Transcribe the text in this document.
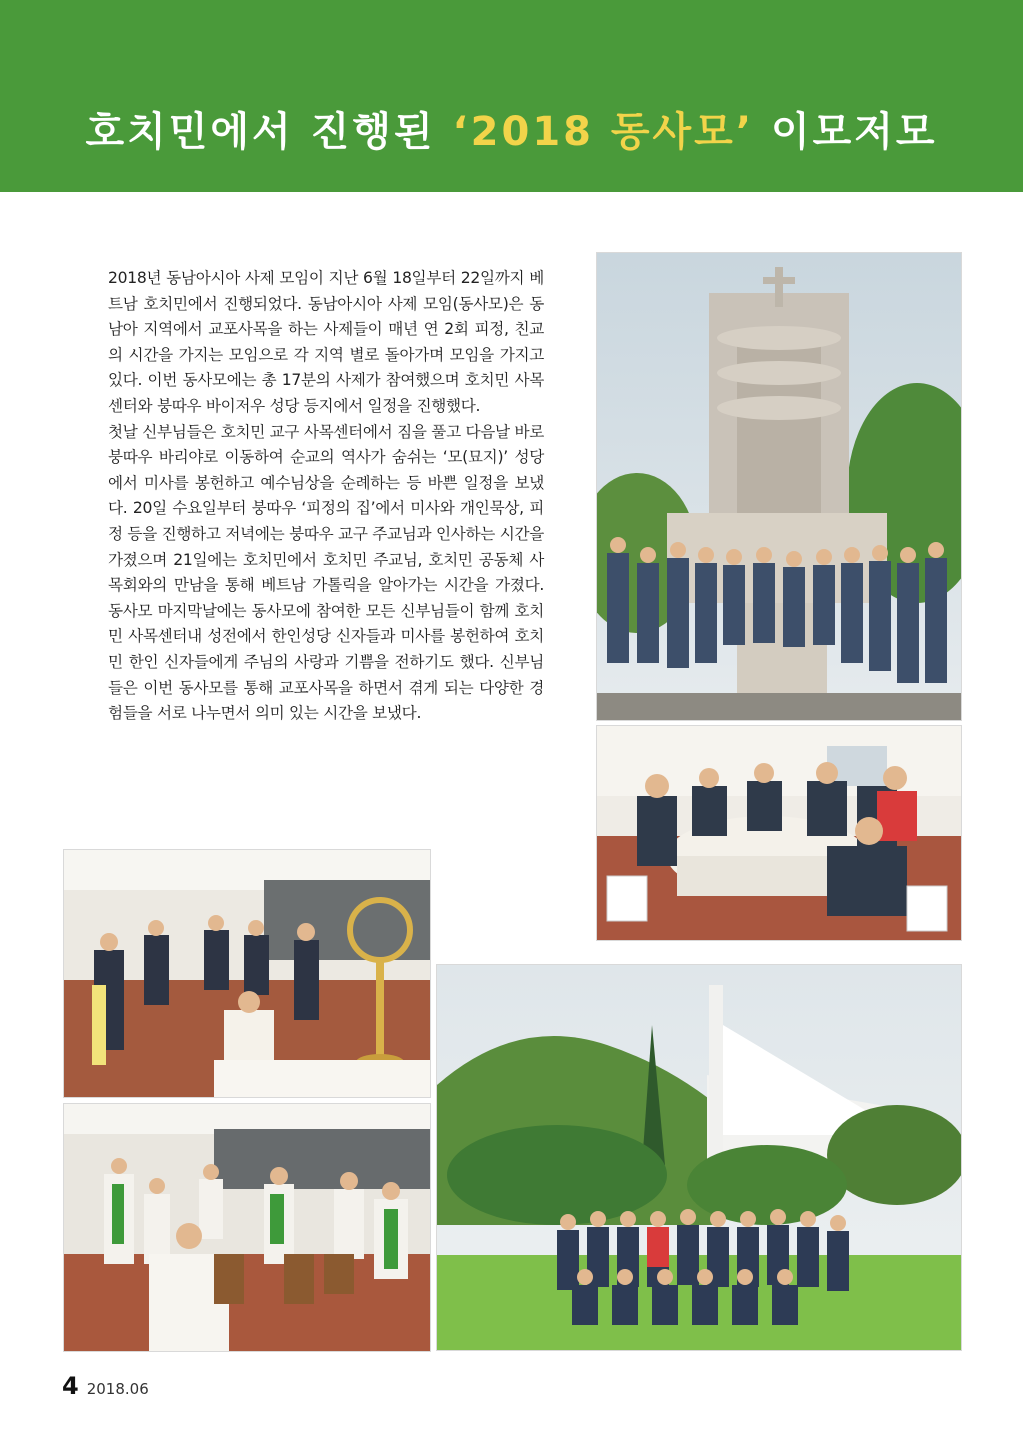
호치민에서 진행된 ‘2018 동사모’ 이모저모

2018년 동남아시아 사제 모임이 지난 6월 18일부터 22일까지 베트남 호치민에서 진행되었다. 동남아시아 사제 모임(동사모)은 동남아 지역에서 교포사목을 하는 사제들이 매년 연 2회 피정, 친교의 시간을 가지는 모임으로 각 지역 별로 돌아가며 모임을 가지고 있다. 이번 동사모에는 총 17분의 사제가 참여했으며 호치민 사목센터와 붕따우 바이저우 성당 등지에서 일정을 진행했다.

첫날 신부님들은 호치민 교구 사목센터에서 짐을 풀고 다음날 바로 붕따우 바리야로 이동하여 순교의 역사가 숨쉬는 ‘모(묘지)’ 성당에서 미사를 봉헌하고 예수님상을 순례하는 등 바쁜 일정을 보냈다. 20일 수요일부터 붕따우 ‘피정의 집’에서 미사와 개인묵상, 피정 등을 진행하고 저녁에는 붕따우 교구 주교님과 인사하는 시간을 가졌으며 21일에는 호치민에서 호치민 주교님, 호치민 공동체 사목회와의 만남을 통해 베트남 가톨릭을 알아가는 시간을 가졌다. 동사모 마지막날에는 동사모에 참여한 모든 신부님들이 함께 호치민 사목센터내 성전에서 한인성당 신자들과 미사를 봉헌하여 호치민 한인 신자들에게 주님의 사랑과 기쁨을 전하기도 했다. 신부님들은 이번 동사모를 통해 교포사목을 하면서 겪게 되는 다양한 경험들을 서로 나누면서 의미 있는 시간을 보냈다.

4 2018.06
